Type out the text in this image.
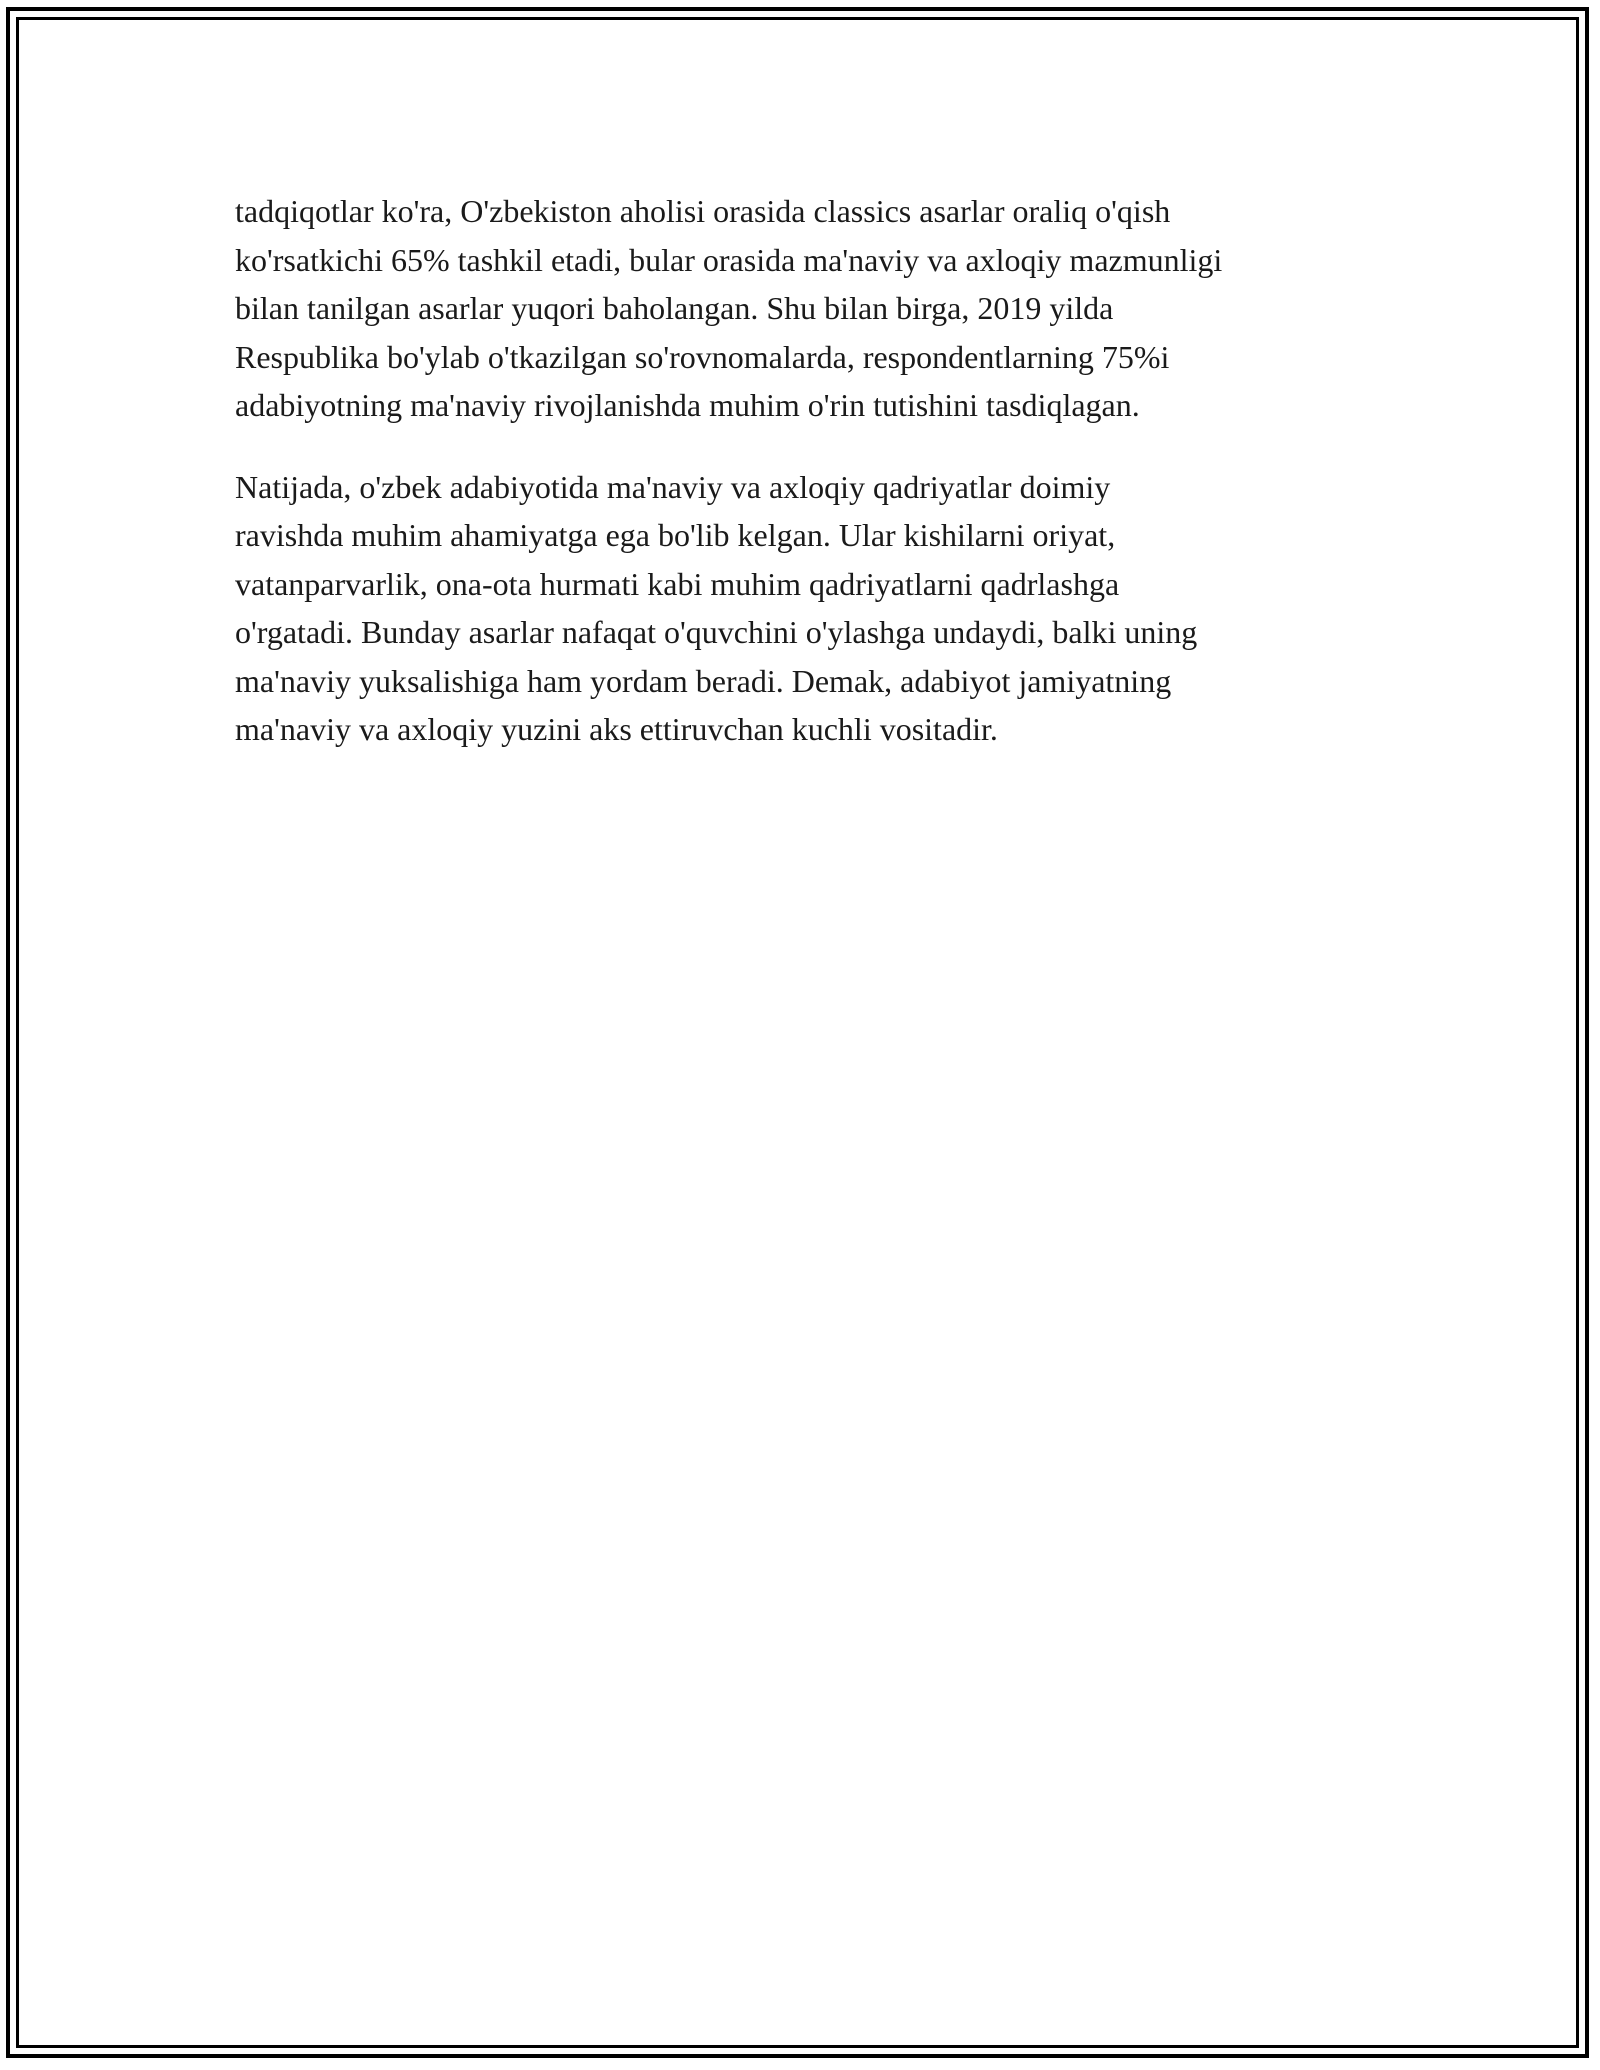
tadqiqotlar ko'ra, O'zbekiston aholisi orasida classics asarlar oraliq o'qish
ko'rsatkichi 65% tashkil etadi, bular orasida ma'naviy va axloqiy mazmunligi
bilan tanilgan asarlar yuqori baholangan. Shu bilan birga, 2019 yilda
Respublika bo'ylab o'tkazilgan so'rovnomalarda, respondentlarning 75%i
adabiyotning ma'naviy rivojlanishda muhim o'rin tutishini tasdiqlagan.

Natijada, o'zbek adabiyotida ma'naviy va axloqiy qadriyatlar doimiy
ravishda muhim ahamiyatga ega bo'lib kelgan. Ular kishilarni oriyat,
vatanparvarlik, ona-ota hurmati kabi muhim qadriyatlarni qadrlashga
o'rgatadi. Bunday asarlar nafaqat o'quvchini o'ylashga undaydi, balki uning
ma'naviy yuksalishiga ham yordam beradi. Demak, adabiyot jamiyatning
ma'naviy va axloqiy yuzini aks ettiruvchan kuchli vositadir.
